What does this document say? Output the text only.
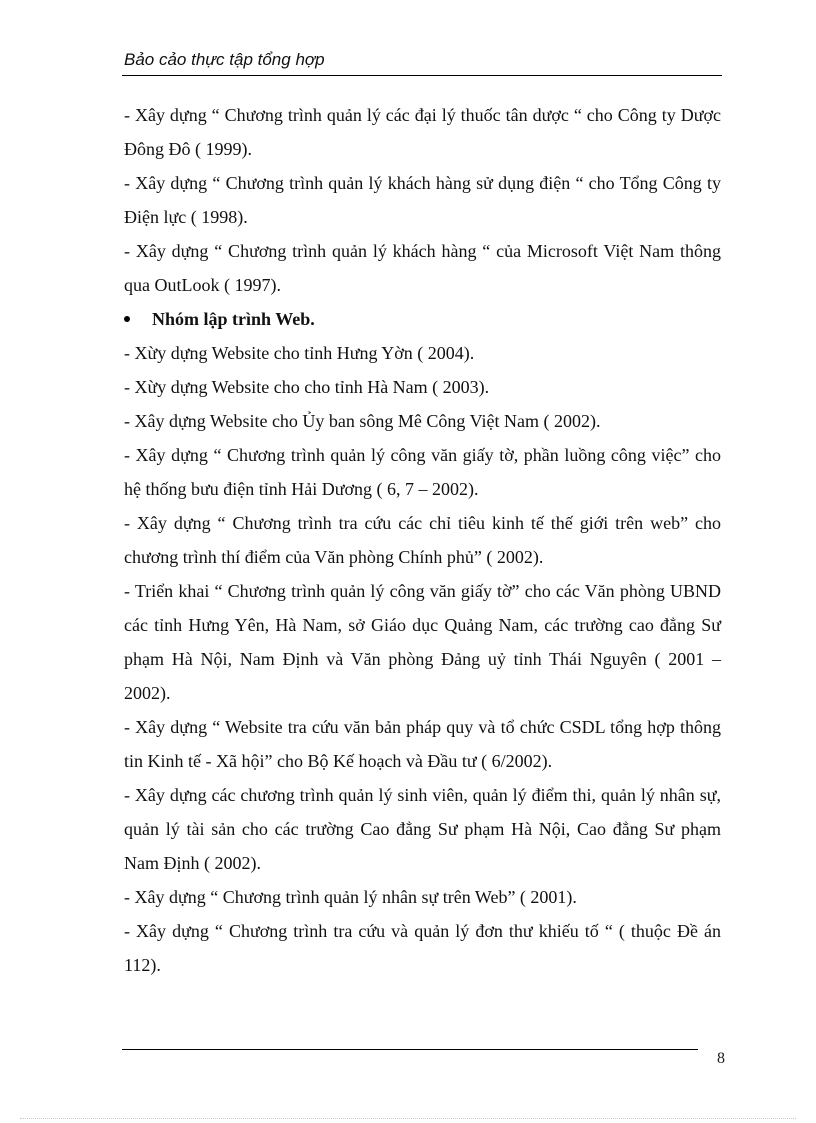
Bảo cảo thực tập tổng hợp

- Xây dựng “ Chương trình quản lý các đại lý thuốc tân dược “ cho Công ty Dược Đông Đô ( 1999).

- Xây dựng “ Chương trình quản lý khách hàng sử dụng điện “ cho Tổng Công ty Điện lực ( 1998).

- Xây dựng “ Chương trình quản lý khách hàng “ của Microsoft Việt Nam thông qua OutLook ( 1997).

Nhóm lập trình Web.

- Xừy dựng Website cho tỉnh Hưng Yờn ( 2004).

- Xừy dựng Website cho cho tỉnh Hà Nam ( 2003).

- Xây dựng Website cho Ủy ban sông Mê Công Việt Nam ( 2002).

- Xây dựng “ Chương trình quản lý công văn giấy tờ, phần luồng công việc” cho hệ thống bưu điện tỉnh Hải Dương ( 6, 7 – 2002).

- Xây dựng “ Chương trình tra cứu các chỉ tiêu kinh tế thế giới trên web” cho chương trình thí điểm của Văn phòng Chính phủ” ( 2002).

- Triển khai “ Chương trình quản lý công văn giấy tờ” cho các Văn phòng UBND các tỉnh Hưng Yên, Hà Nam, sở Giáo dục Quảng Nam, các trường cao đẳng Sư phạm Hà Nội, Nam Định và Văn phòng Đảng uỷ tỉnh Thái Nguyên ( 2001 – 2002).

- Xây dựng “ Website tra cứu văn bản pháp quy và tổ chức CSDL tổng hợp thông tin Kinh tế - Xã hội” cho Bộ Kế hoạch và Đầu tư ( 6/2002).

- Xây dựng các chương trình quản lý sinh viên, quản lý điểm thi, quản lý nhân sự, quản lý tài sản cho các trường Cao đẳng Sư phạm Hà Nội, Cao đẳng Sư phạm Nam Định ( 2002).

- Xây dựng “ Chương trình quản lý nhân sự trên Web” ( 2001).

- Xây dựng “ Chương trình tra cứu và quản lý đơn thư khiếu tố “ ( thuộc Đề án 112).

8
